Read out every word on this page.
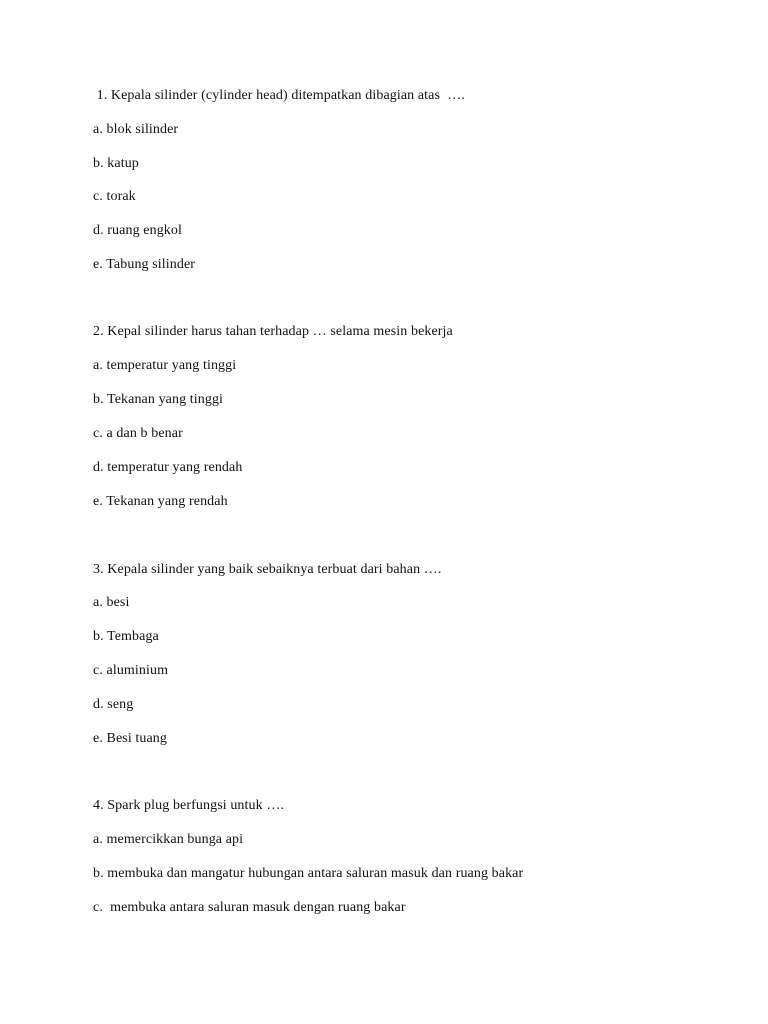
1. Kepala silinder (cylinder head) ditempatkan dibagian atas  ….
a. blok silinder
b. katup
c. torak
d. ruang engkol
e. Tabung silinder
2. Kepal silinder harus tahan terhadap … selama mesin bekerja
a. temperatur yang tinggi
b. Tekanan yang tinggi
c. a dan b benar
d. temperatur yang rendah
e. Tekanan yang rendah
3. Kepala silinder yang baik sebaiknya terbuat dari bahan ….
a. besi
b. Tembaga
c. aluminium
d. seng
e. Besi tuang
4. Spark plug berfungsi untuk ….
a. memercikkan bunga api
b. membuka dan mangatur hubungan antara saluran masuk dan ruang bakar
c.  membuka antara saluran masuk dengan ruang bakar
